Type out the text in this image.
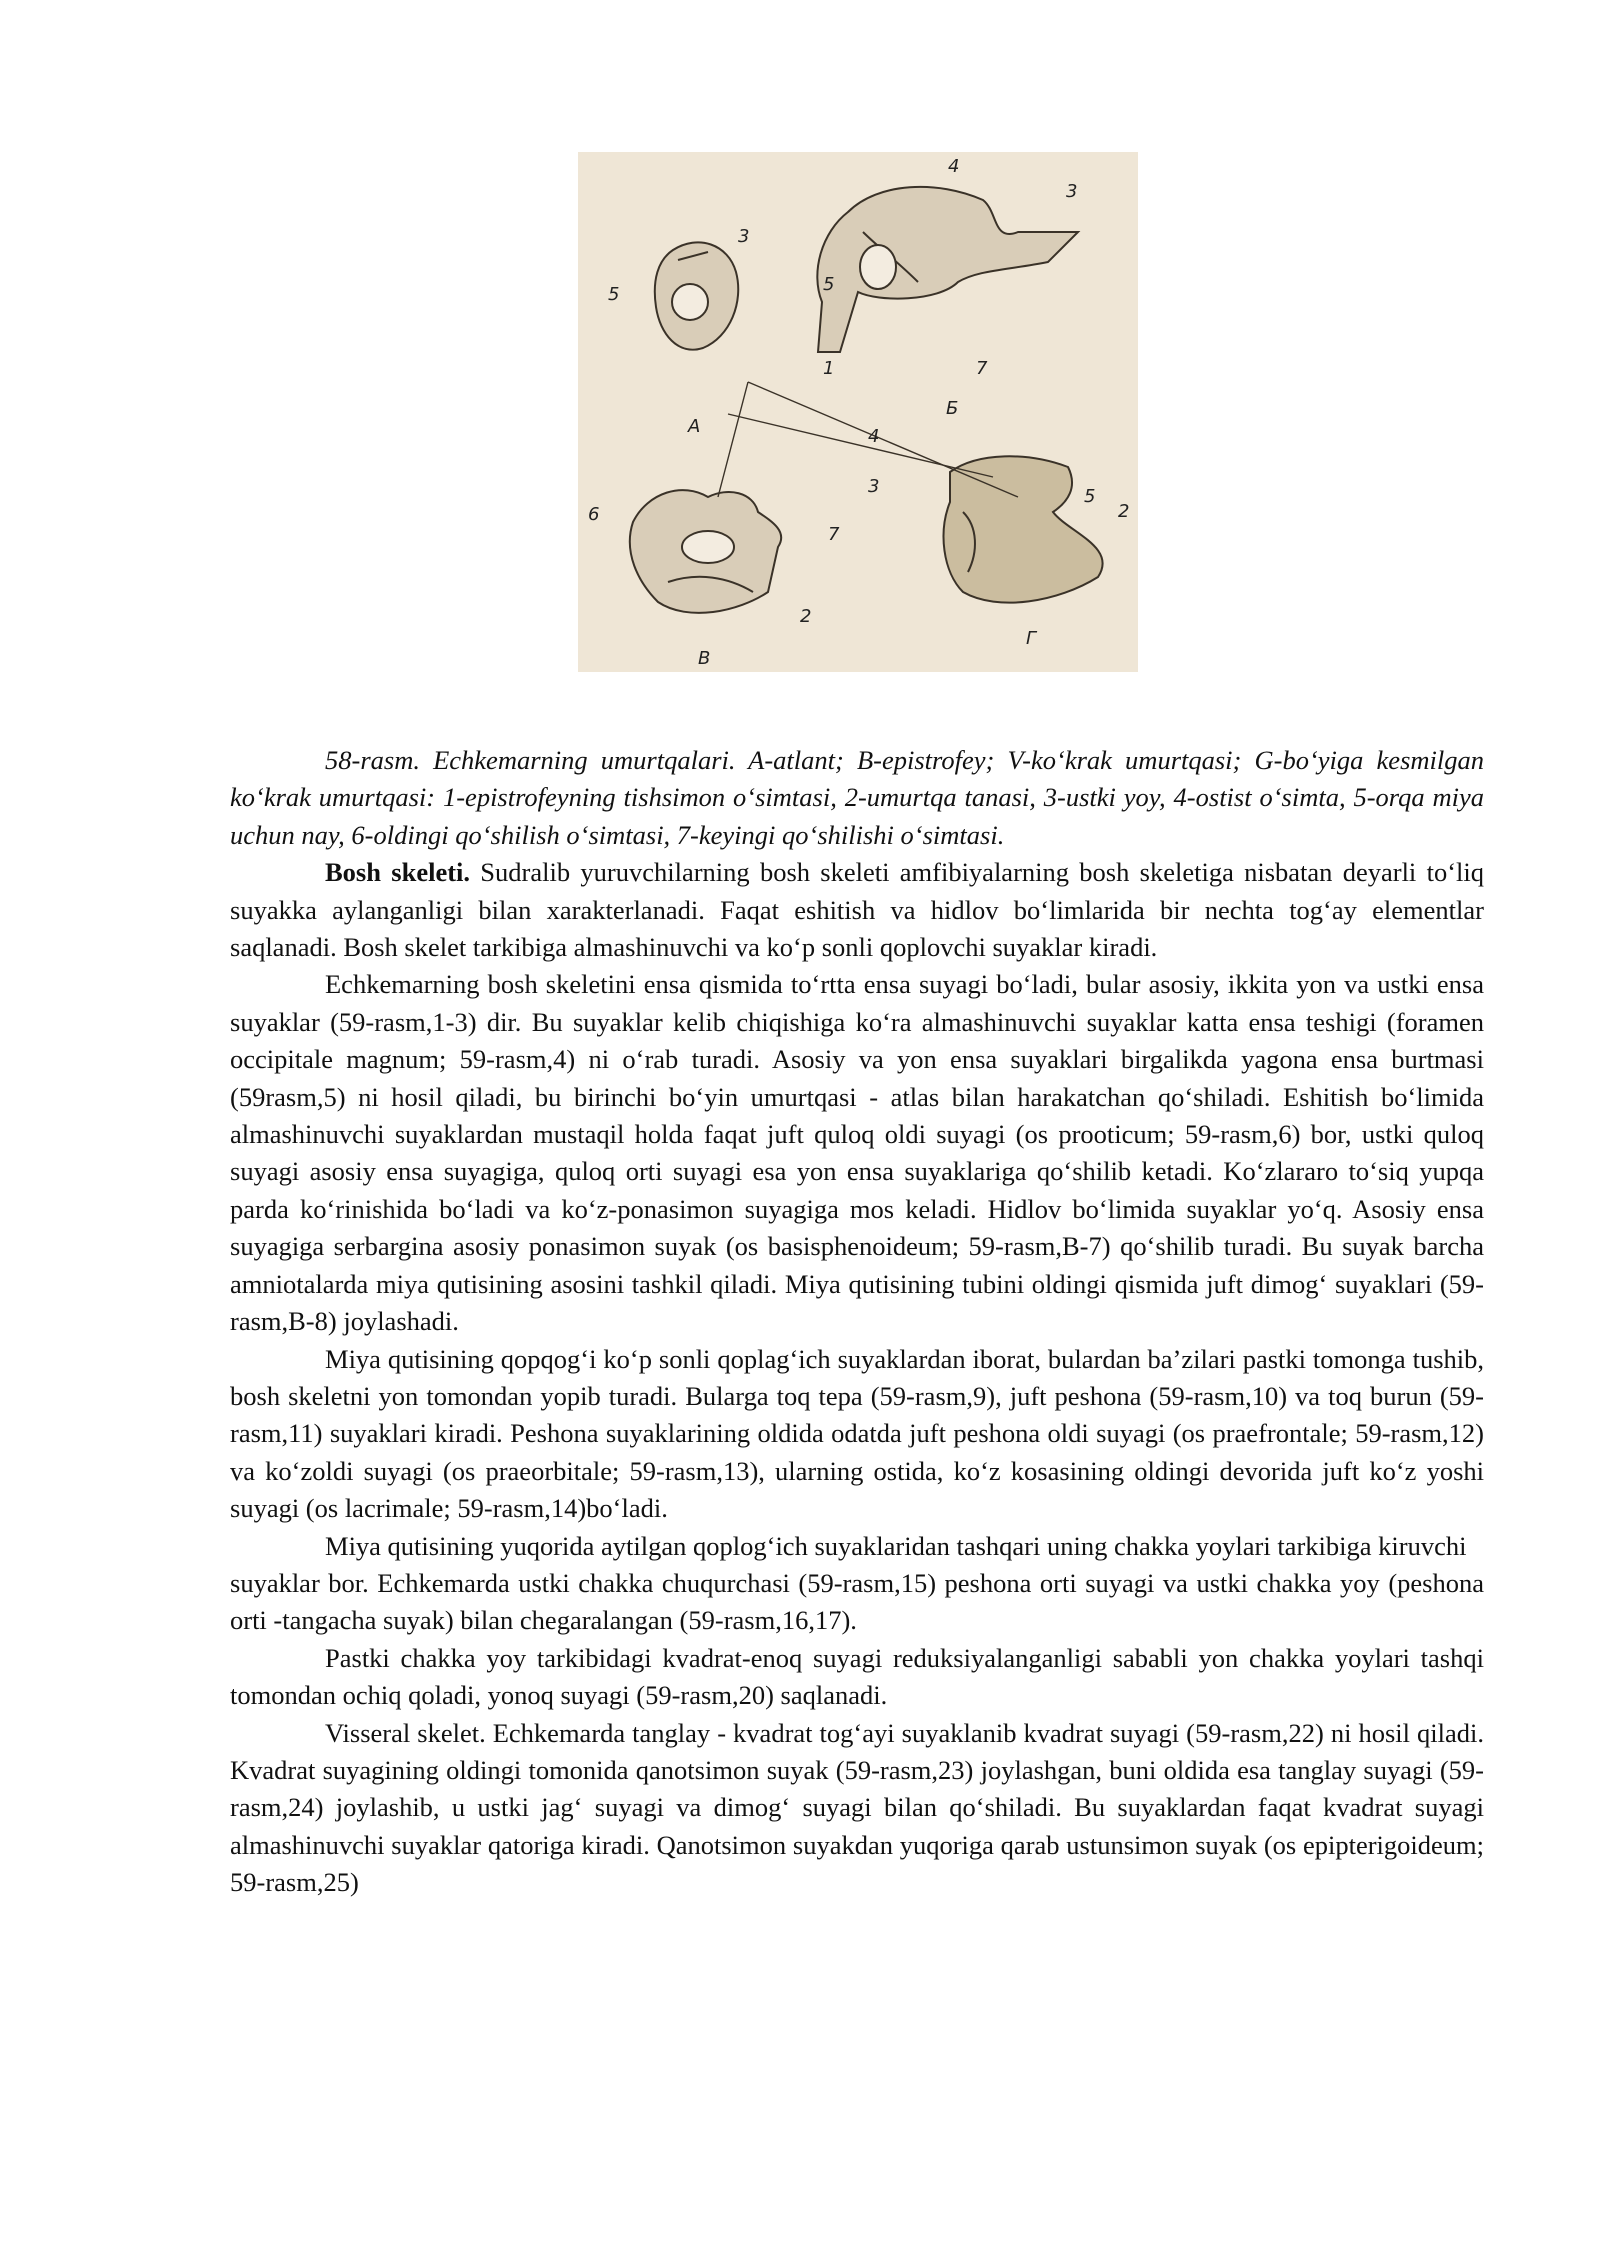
3
5
A
4
3
5
1	7
Б
4
3
6
7
2
В
5
2
Г

58-rasm. Echkemarning umurtqalari. A-atlant; B-epistrofey; V-ko‘krak umurtqasi; G-bo‘yiga kesmilgan ko‘krak umurtqasi: 1-epistrofeyning tishsimon o‘simtasi, 2-umurtqa tanasi, 3-ustki yoy, 4-ostist o‘simta, 5-orqa miya uchun nay, 6-oldingi qo‘shilish o‘simtasi, 7-keyingi qo‘shilishi o‘simtasi.

Bosh skeleti. Sudralib yuruvchilarning bosh skeleti amfibiyalarning bosh skeletiga nisbatan deyarli to‘liq suyakka aylanganligi bilan xarakterlanadi. Faqat eshitish va hidlov bo‘limlarida bir nechta tog‘ay elementlar saqlanadi. Bosh skelet tarkibiga almashinuvchi va ko‘p sonli qoplovchi suyaklar kiradi.

Echkemarning bosh skeletini ensa qismida to‘rtta ensa suyagi bo‘ladi, bular asosiy, ikkita yon va ustki ensa suyaklar (59-rasm,1-3) dir. Bu suyaklar kelib chiqishiga ko‘ra almashinuvchi suyaklar katta ensa teshigi (foramen occipitale magnum; 59-rasm,4) ni o‘rab turadi. Asosiy va yon ensa suyaklari birgalikda yagona ensa burtmasi (59rasm,5) ni hosil qiladi, bu birinchi bo‘yin umurtqasi - atlas bilan harakatchan qo‘shiladi. Eshitish bo‘limida almashinuvchi suyaklardan mustaqil holda faqat juft quloq oldi suyagi (os prooticum; 59-rasm,6) bor, ustki quloq suyagi asosiy ensa suyagiga, quloq orti suyagi esa yon ensa suyaklariga qo‘shilib ketadi. Ko‘zlararo to‘siq yupqa parda ko‘rinishida bo‘ladi va ko‘z-ponasimon suyagiga mos keladi. Hidlov bo‘limida suyaklar yo‘q. Asosiy ensa suyagiga serbargina asosiy ponasimon suyak (os basisphenoideum; 59-rasm,B-7) qo‘shilib turadi. Bu suyak barcha amniotalarda miya qutisining asosini tashkil qiladi. Miya qutisining tubini oldingi qismida juft dimog‘ suyaklari (59-rasm,B-8) joylashadi.

Miya qutisining qopqog‘i ko‘p sonli qoplag‘ich suyaklardan iborat, bulardan ba’zilari pastki tomonga tushib, bosh skeletni yon tomondan yopib turadi. Bularga toq tepa (59-rasm,9), juft peshona (59-rasm,10) va toq burun (59-rasm,11) suyaklari kiradi. Peshona suyaklarining oldida odatda juft peshona oldi suyagi (os praefrontale; 59-rasm,12) va ko‘zoldi suyagi (os praeorbitale; 59-rasm,13), ularning ostida, ko‘z kosasining oldingi devorida juft ko‘z yoshi suyagi (os lacrimale; 59-rasm,14)bo‘ladi.

Miya qutisining yuqorida aytilgan qoplog‘ich suyaklaridan tashqari uning chakka yoylari tarkibiga kiruvchi

suyaklar bor. Echkemarda ustki chakka chuqurchasi (59-rasm,15) peshona orti suyagi va ustki chakka yoy (peshona orti -tangacha suyak) bilan chegaralangan (59-rasm,16,17).

Pastki chakka yoy tarkibidagi kvadrat-enoq suyagi reduksiyalanganligi sababli yon chakka yoylari tashqi tomondan ochiq qoladi, yonoq suyagi (59-rasm,20) saqlanadi.

Visseral skelet. Echkemarda tanglay - kvadrat tog‘ayi suyaklanib kvadrat suyagi (59-rasm,22) ni hosil qiladi. Kvadrat suyagining oldingi tomonida qanotsimon suyak (59-rasm,23) joylashgan, buni oldida esa tanglay suyagi (59-rasm,24) joylashib, u ustki jag‘ suyagi va dimog‘ suyagi bilan qo‘shiladi. Bu suyaklardan faqat kvadrat suyagi almashinuvchi suyaklar qatoriga kiradi. Qanotsimon suyakdan yuqoriga qarab ustunsimon suyak (os epipterigoideum; 59-rasm,25)
